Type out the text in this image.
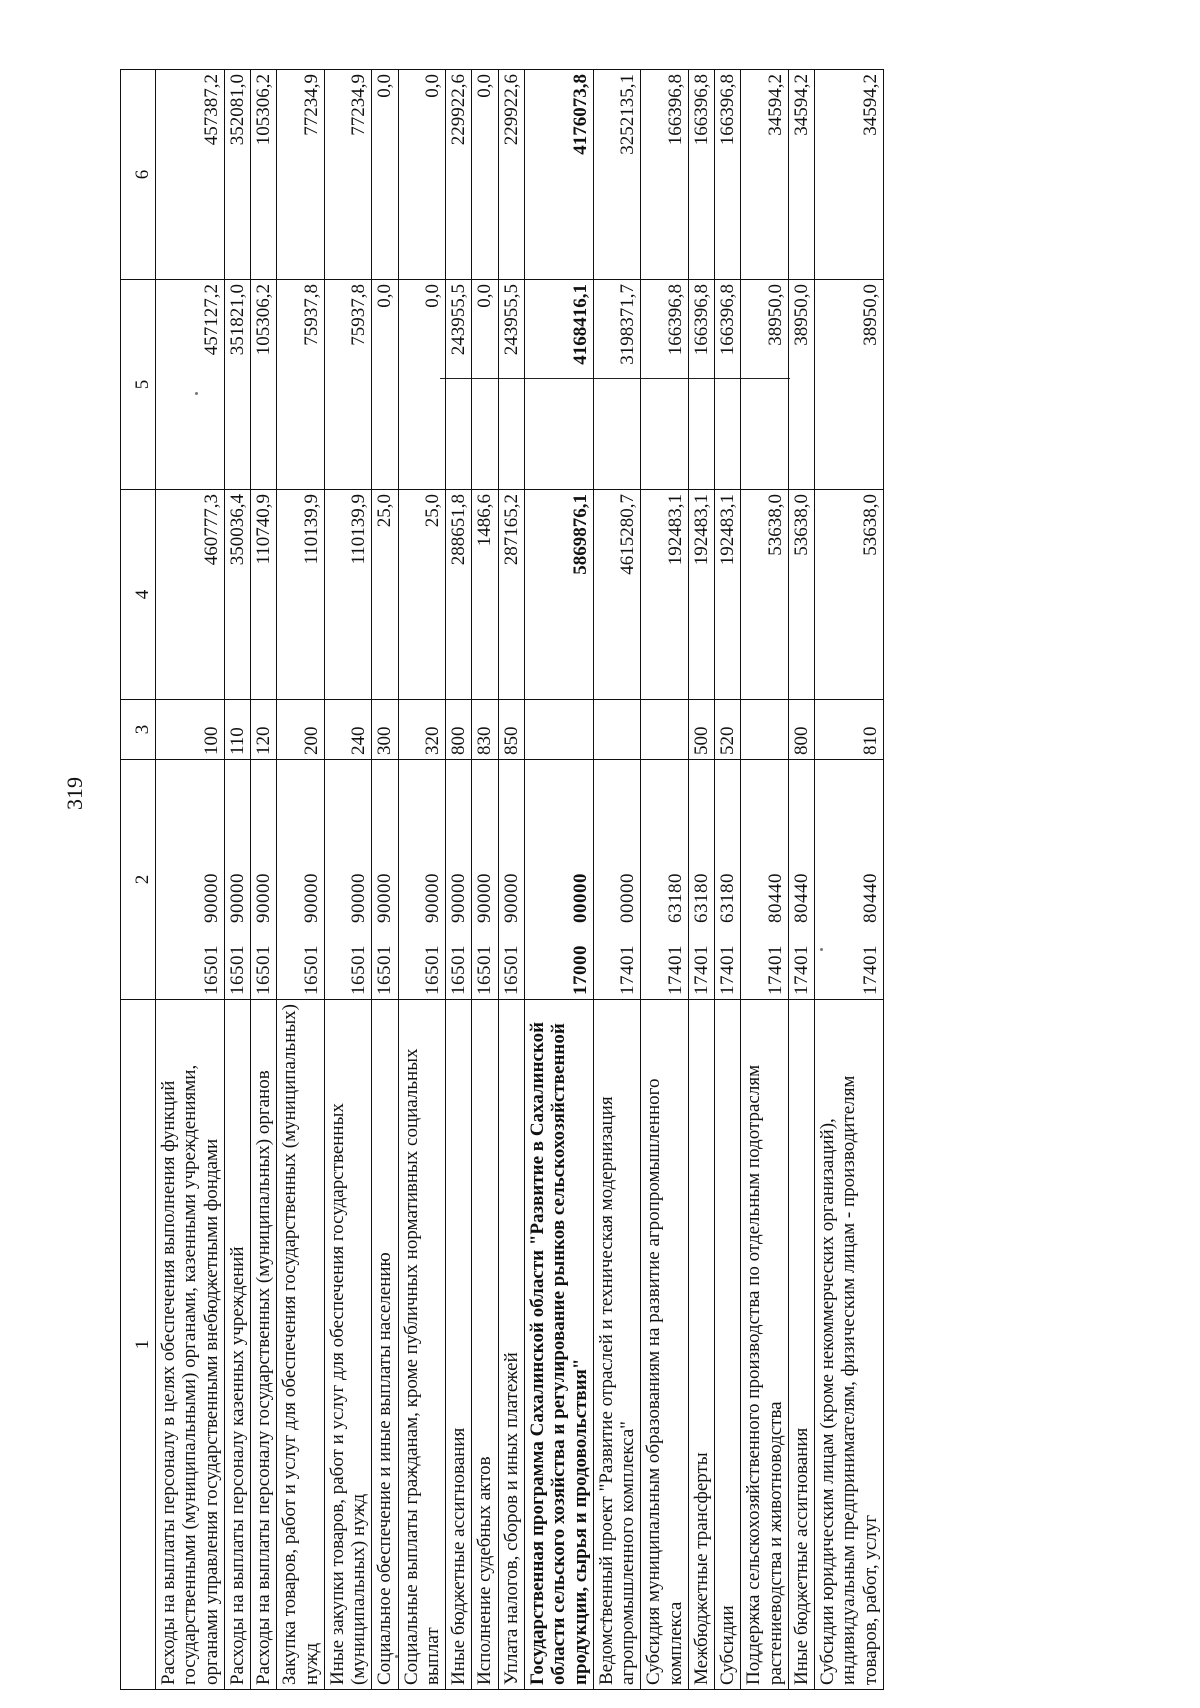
319
1	2	3	4	5	6
Расходы на выплаты персоналу в целях обеспечения выполнения функций государственными (муниципальными) органами, казенными учреждениями, органами управления государственными внебюджетными фондами	1650190000	100	460777,3	457127,2	457387,2
Расходы на выплаты персоналу казенных учреждений	1650190000	110	350036,4	351821,0	352081,0
Расходы на выплаты персоналу государственных (муниципальных) органов	1650190000	120	110740,9	105306,2	105306,2
Закупка товаров, работ и услуг для обеспечения государственных (муниципальных) нужд	1650190000	200	110139,9	75937,8	77234,9
Иные закупки товаров, работ и услуг для обеспечения государственных (муниципальных) нужд	1650190000	240	110139,9	75937,8	77234,9
Социальное обеспечение и иные выплаты населению	1650190000	300	25,0	0,0	0,0
Социальные выплаты гражданам, кроме публичных нормативных социальных выплат	1650190000	320	25,0	0,0	0,0
Иные бюджетные ассигнования	1650190000	800	288651,8	243955,5	229922,6
Исполнение судебных актов	1650190000	830	1486,6	0,0	0,0
Уплата налогов, сборов и иных платежей	1650190000	850	287165,2	243955,5	229922,6
Государственная программа Сахалинской области "Развитие в Сахалинской области сельского хозяйства и регулирование рынков сельскохозяйственной продукции, сырья и продовольствия"	1700000000		5869876,1	4168416,1	4176073,8
Ведомственный проект "Развитие отраслей и техническая модернизация агропромышленного комплекса"	1740100000		4615280,7	3198371,7	3252135,1
Субсидия муниципальным образованиям на развитие агропромышленного комплекса	1740163180		192483,1	166396,8	166396,8
Межбюджетные трансферты	1740163180	500	192483,1	166396,8	166396,8
Субсидии	1740163180	520	192483,1	166396,8	166396,8
Поддержка сельскохозяйственного производства по отдельным подотраслям растениеводства и животноводства	1740180440		53638,0	38950,0	34594,2
Иные бюджетные ассигнования	1740180440	800	53638,0	38950,0	34594,2
Субсидии юридическим лицам (кроме некоммерческих организаций), индивидуальным предпринимателям, физическим лицам - производителям товаров, работ, услуг	1740180440	810	53638,0	38950,0	34594,2
